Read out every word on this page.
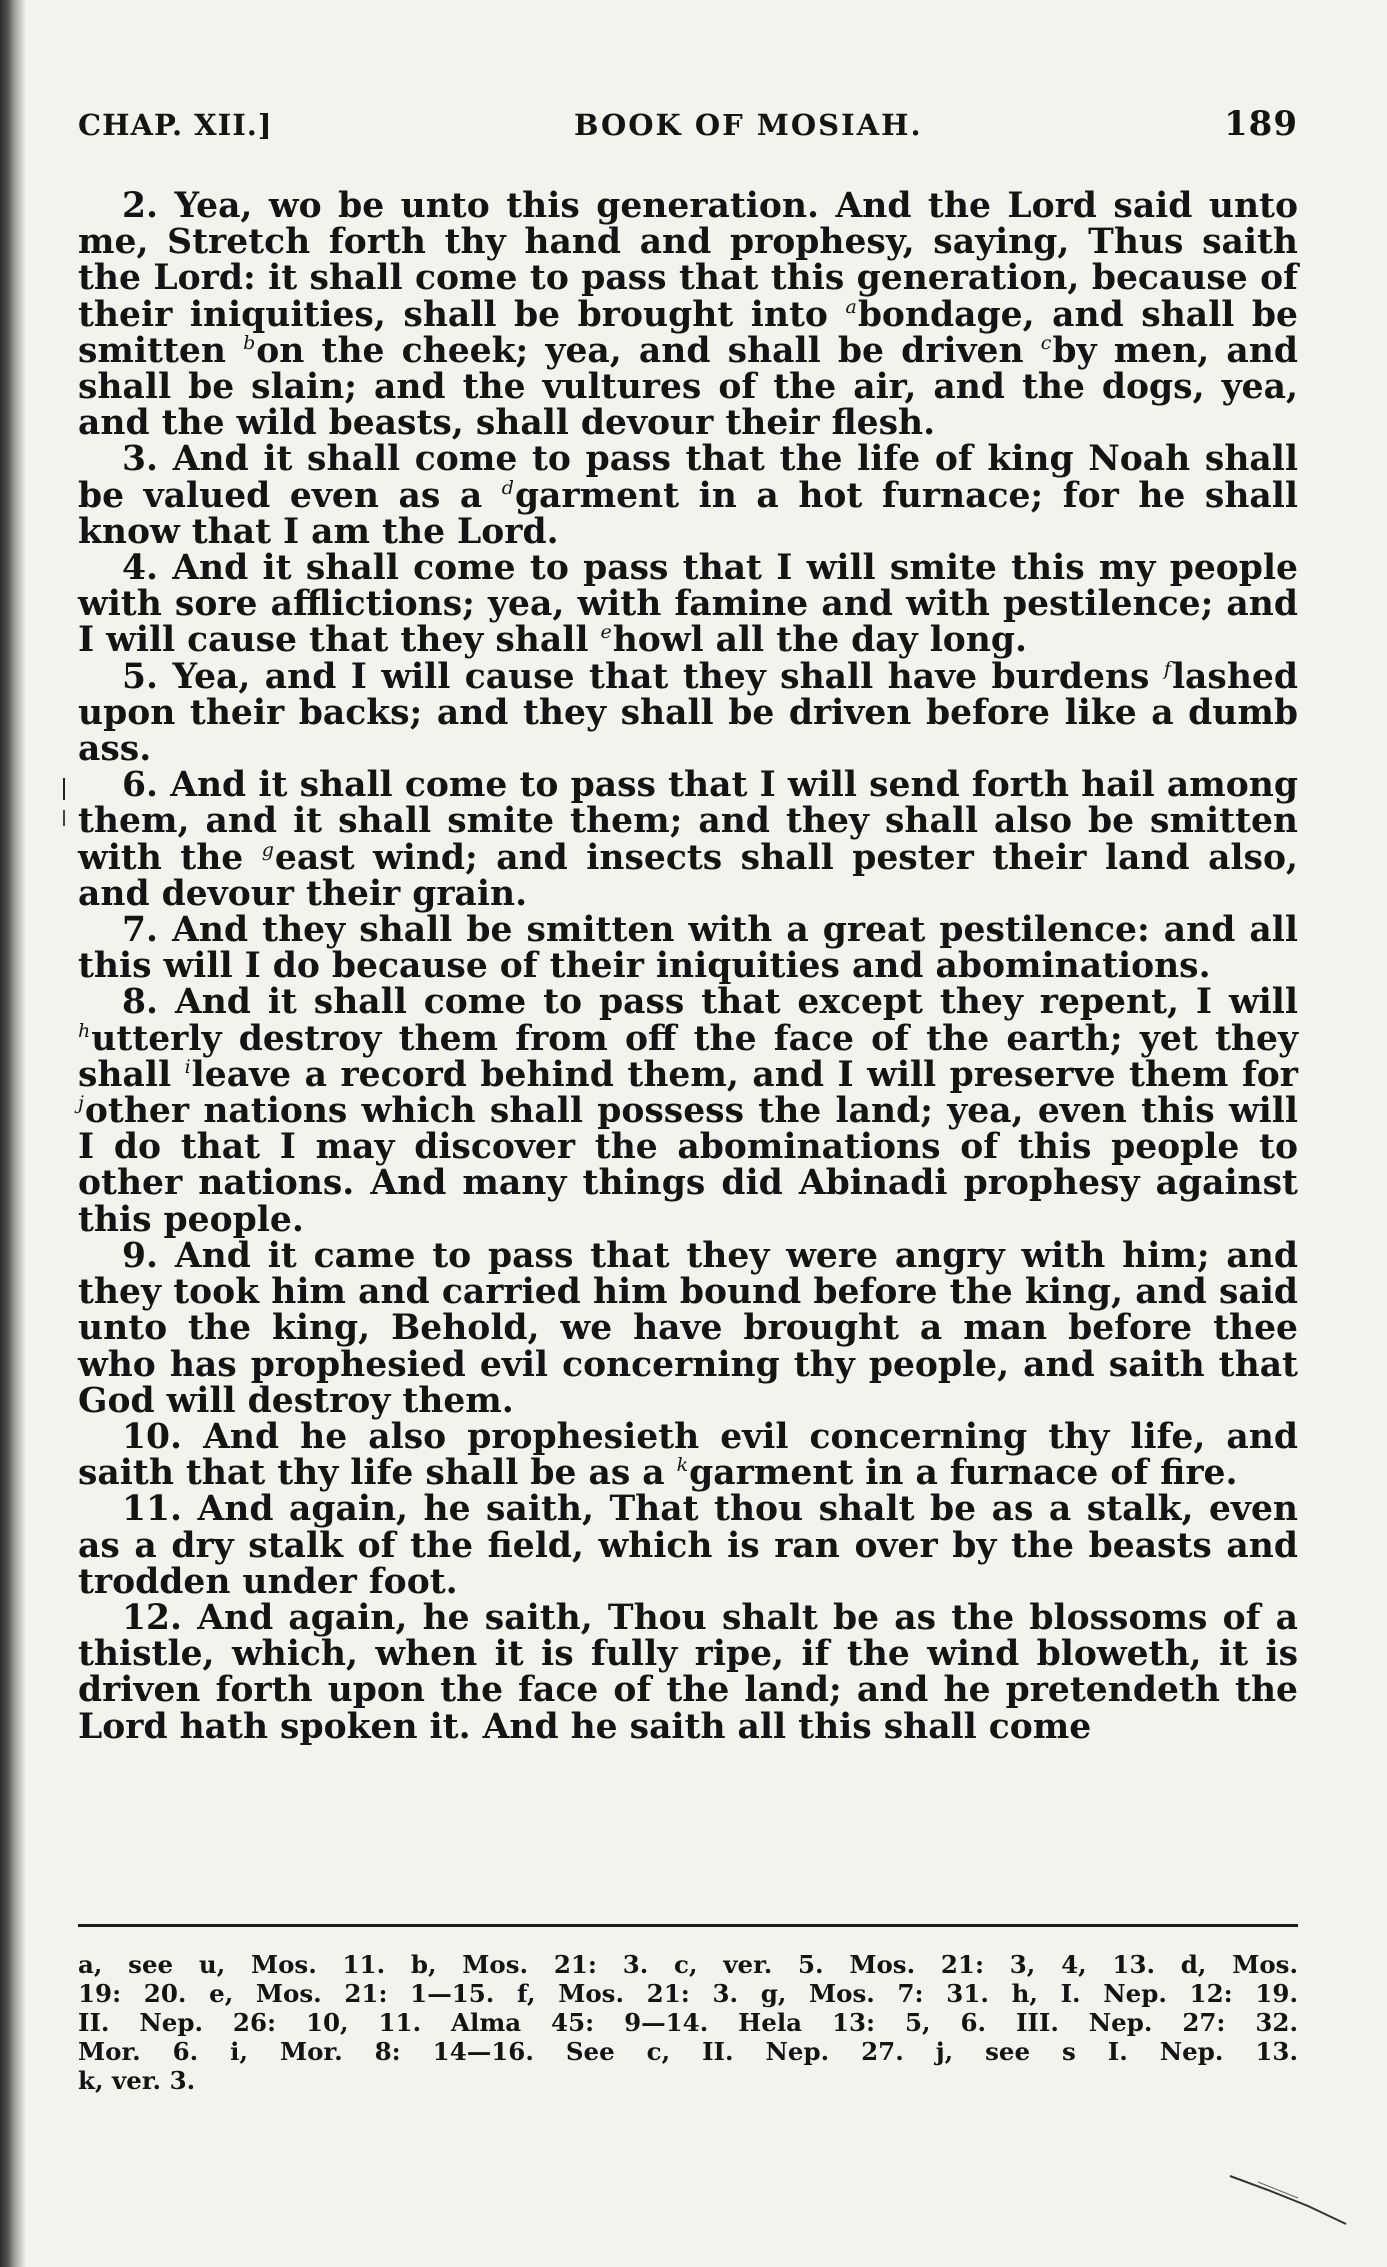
CHAP. XII.]	BOOK OF MOSIAH.	189

2. Yea, wo be unto this generation. And the Lord said unto me, Stretch forth thy hand and prophesy, saying, Thus saith the Lord: it shall come to pass that this generation, because of their iniquities, shall be brought into $^a$bondage, and shall be smitten $^b$on the cheek; yea, and shall be driven $^c$by men, and shall be slain; and the vultures of the air, and the dogs, yea, and the wild beasts, shall devour their flesh.

3. And it shall come to pass that the life of king Noah shall be valued even as a $^d$garment in a hot furnace; for he shall know that I am the Lord.

4. And it shall come to pass that I will smite this my people with sore afflictions; yea, with famine and with pestilence; and I will cause that they shall $^e$howl all the day long.

5. Yea, and I will cause that they shall have burdens $^f$lashed upon their backs; and they shall be driven before like a dumb ass.

6. And it shall come to pass that I will send forth hail among them, and it shall smite them; and they shall also be smitten with the $^g$east wind; and insects shall pester their land also, and devour their grain.

7. And they shall be smitten with a great pestilence: and all this will I do because of their iniquities and abominations.

8. And it shall come to pass that except they repent, I will $^h$utterly destroy them from off the face of the earth; yet they shall $^i$leave a record behind them, and I will preserve them for $^j$other nations which shall possess the land; yea, even this will I do that I may discover the abominations of this people to other nations. And many things did Abinadi prophesy against this people.

9. And it came to pass that they were angry with him; and they took him and carried him bound before the king, and said unto the king, Behold, we have brought a man before thee who has prophesied evil concerning thy people, and saith that God will destroy them.

10. And he also prophesieth evil concerning thy life, and saith that thy life shall be as a $^k$garment in a furnace of fire.

11. And again, he saith, That thou shalt be as a stalk, even as a dry stalk of the field, which is ran over by the beasts and trodden under foot.

12. And again, he saith, Thou shalt be as the blossoms of a thistle, which, when it is fully ripe, if the wind bloweth, it is driven forth upon the face of the land; and he pretendeth the Lord hath spoken it. And he saith all this shall come

a, see u, Mos. 11. b, Mos. 21: 3. c, ver. 5. Mos. 21: 3, 4, 13. d, Mos.
19: 20. e, Mos. 21: 1—15. f, Mos. 21: 3. g, Mos. 7: 31. h, I. Nep. 12: 19.
II. Nep. 26: 10, 11. Alma 45: 9—14. Hela 13: 5, 6. III. Nep. 27: 32.
Mor. 6. i, Mor. 8: 14—16. See c, II. Nep. 27. j, see s I. Nep. 13.
k, ver. 3.
